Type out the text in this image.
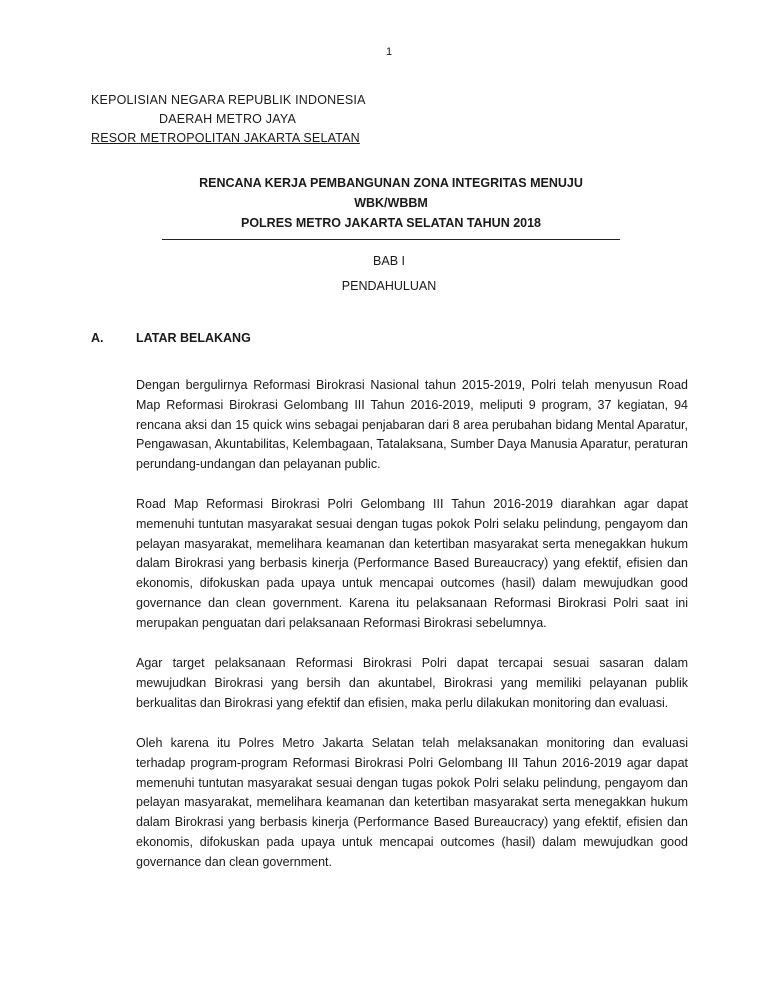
1
KEPOLISIAN NEGARA REPUBLIK INDONESIA
DAERAH METRO JAYA
RESOR METROPOLITAN JAKARTA SELATAN
RENCANA KERJA PEMBANGUNAN ZONA INTEGRITAS MENUJU WBK/WBBM
POLRES METRO JAKARTA SELATAN TAHUN 2018
BAB I
PENDAHULUAN
A.	LATAR BELAKANG

Dengan bergulirnya Reformasi Birokrasi Nasional tahun 2015-2019, Polri telah menyusun Road Map Reformasi Birokrasi Gelombang III Tahun 2016-2019, meliputi 9 program, 37 kegiatan, 94 rencana aksi dan 15 quick wins sebagai penjabaran dari 8 area perubahan bidang Mental Aparatur, Pengawasan, Akuntabilitas, Kelembagaan, Tatalaksana, Sumber Daya Manusia Aparatur, peraturan perundang-undangan dan pelayanan public.

Road Map Reformasi Birokrasi Polri Gelombang III Tahun 2016-2019 diarahkan agar dapat memenuhi tuntutan masyarakat sesuai dengan tugas pokok Polri selaku pelindung, pengayom dan pelayan masyarakat, memelihara keamanan dan ketertiban masyarakat serta menegakkan hukum dalam Birokrasi yang berbasis kinerja (Performance Based Bureaucracy) yang efektif, efisien dan ekonomis, difokuskan pada upaya untuk mencapai outcomes (hasil) dalam mewujudkan good governance dan clean government. Karena itu pelaksanaan Reformasi Birokrasi Polri saat ini merupakan penguatan dari pelaksanaan Reformasi Birokrasi sebelumnya.

Agar target pelaksanaan Reformasi Birokrasi Polri dapat tercapai sesuai sasaran dalam mewujudkan Birokrasi yang bersih dan akuntabel, Birokrasi yang memiliki pelayanan publik berkualitas dan Birokrasi yang efektif dan efisien, maka perlu dilakukan monitoring dan evaluasi.

Oleh karena itu Polres Metro Jakarta Selatan telah melaksanakan monitoring dan evaluasi terhadap program-program Reformasi Birokrasi Polri Gelombang III Tahun 2016-2019 agar dapat memenuhi tuntutan masyarakat sesuai dengan tugas pokok Polri selaku pelindung, pengayom dan pelayan masyarakat, memelihara keamanan dan ketertiban masyarakat serta menegakkan hukum dalam Birokrasi yang berbasis kinerja (Performance Based Bureaucracy) yang efektif, efisien dan ekonomis, difokuskan pada upaya untuk mencapai outcomes (hasil) dalam mewujudkan good governance dan clean government.
